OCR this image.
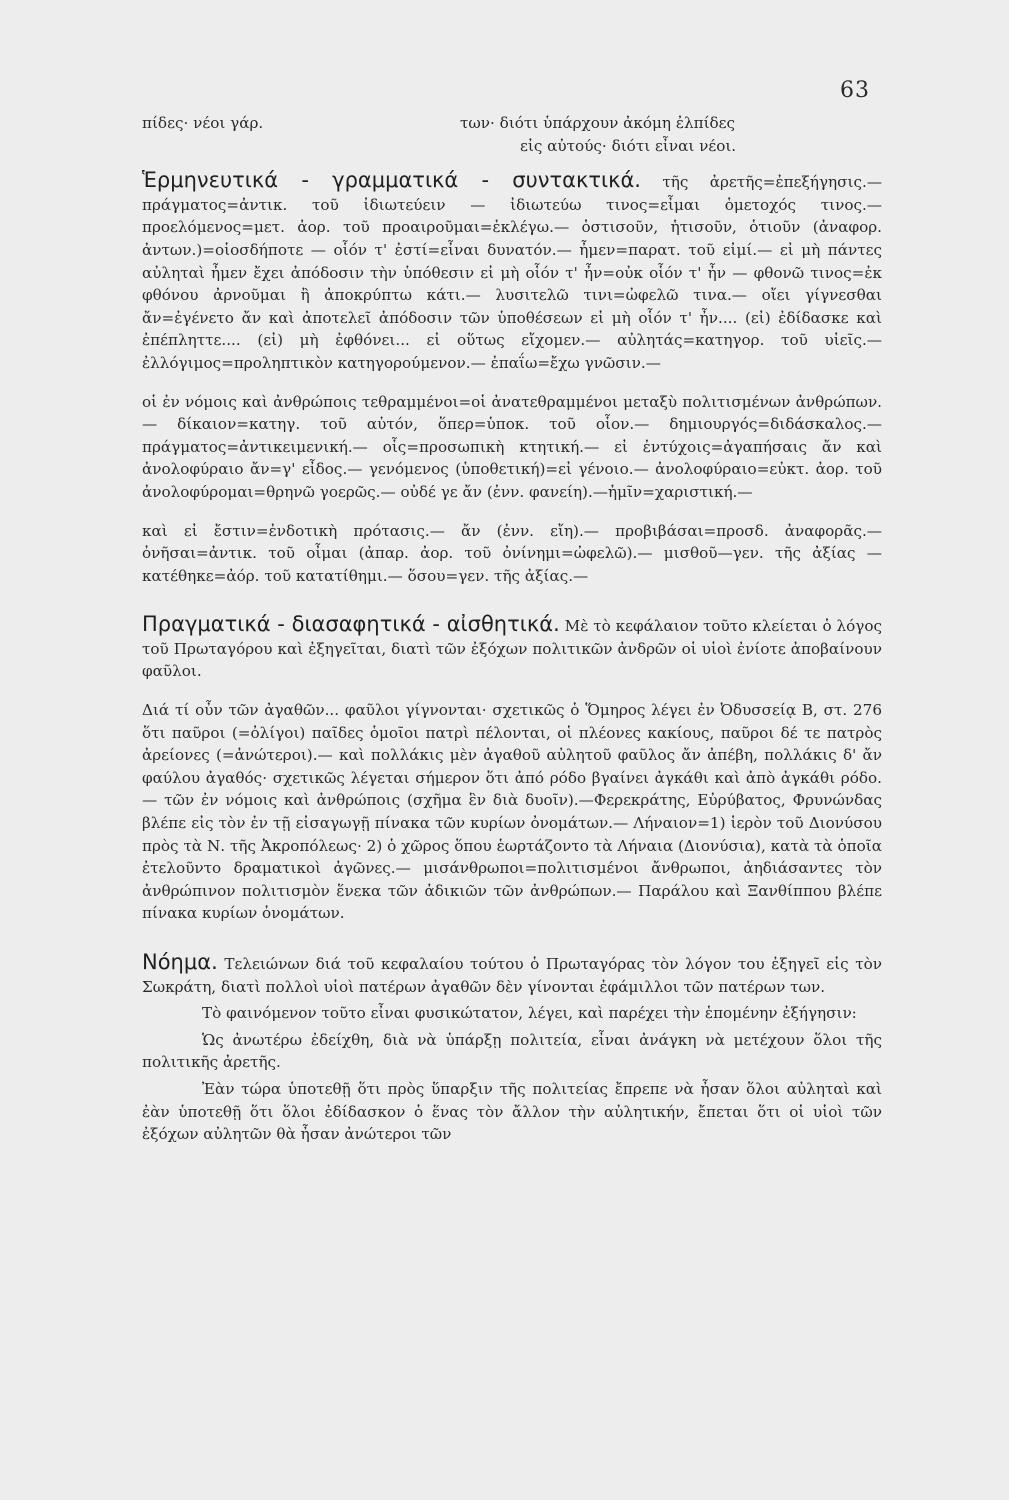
63
πίδες· νέοι γάρ.	των· διότι ὑπάρχουν ἀκόμη ἐλπίδες
εἰς αὐτούς· διότι εἶναι νέοι.

Ἑρμηνευτικά - γραμματικά - συντακτικά. τῆς ἀρετῆς=ἐπεξήγησις.— πράγματος=ἀντικ. τοῦ ἰδιωτεύειν — ἰδιωτεύω τινος=εἶμαι ὁμετοχός τινος.— προελόμενος=μετ. ἀορ. τοῦ προαιροῦμαι=ἐκλέγω.— ὁστισοῦν, ἡτισοῦν, ὁτιοῦν (ἀναφορ. ἀντων.)=οἱοσδήποτε — οἷόν τ' ἐστί=εἶναι δυνατόν.— ἦμεν=παρατ. τοῦ εἰμί.— εἰ μὴ πάντες αὐληταὶ ἦμεν ἔχει ἀπόδοσιν τὴν ὑπόθεσιν εἰ μὴ οἷόν τ' ἦν=οὐκ οἷόν τ' ἦν — φθονῶ τινος=ἐκ φθόνου ἀρνοῦμαι ἢ ἀποκρύπτω κάτι.— λυσιτελῶ τινι=ὠφελῶ τινα.— οἴει γίγνεσθαι ἄν=ἐγένετο ἄν καὶ ἀποτελεῖ ἀπόδοσιν τῶν ὑποθέσεων εἰ μὴ οἷόν τ' ἦν.... (εἰ) ἐδίδασκε καὶ ἐπέπληττε.... (εἰ) μὴ ἐφθόνει... εἰ οὕτως εἴχομεν.— αὐλητάς=κατηγορ. τοῦ υἱεῖς.— ἐλλόγιμος=προληπτικὸν κατηγορούμενον.— ἐπαΐω=ἔχω γνῶσιν.—

οἱ ἐν νόμοις καὶ ἀνθρώποις τεθραμμένοι=οἱ ἀνατεθραμμένοι μεταξὺ πολιτισμένων ἀνθρώπων.— δίκαιον=κατηγ. τοῦ αὐτόν, ὅπερ=ὑποκ. τοῦ οἷον.— δημιουργός=διδάσκαλος.— πράγματος=ἀντικειμενική.— οἷς=προσωπικὴ κτητική.— εἰ ἐντύχοις=ἀγαπήσαις ἄν καὶ ἀνολοφύραιο ἄν=γ' εἶδος.— γενόμενος (ὑποθετική)=εἰ γένοιο.— ἀνολοφύραιο=εὐκτ. ἀορ. τοῦ ἀνολοφύρομαι=θρηνῶ γοερῶς.— οὐδέ γε ἄν (ἐνν. φανείη).—ἡμῖν=χαριστική.—

καὶ εἰ ἔστιν=ἐνδοτικὴ πρότασις.— ἄν (ἐνν. εἴη).— προβιβάσαι=προσδ. ἀναφορᾶς.— ὀνῆσαι=ἀντικ. τοῦ οἶμαι (ἀπαρ. ἀορ. τοῦ ὀνίνημι=ὠφελῶ).— μισθοῦ—γεν. τῆς ἀξίας — κατέθηκε=ἀόρ. τοῦ κατατίθημι.— ὅσου=γεν. τῆς ἀξίας.—

Πραγματικά - διασαφητικά - αἰσθητικά. Μὲ τὸ κεφάλαιον τοῦτο κλείεται ὁ λόγος τοῦ Πρωταγόρου καὶ ἐξηγεῖται, διατὶ τῶν ἐξόχων πολιτικῶν ἀνδρῶν οἱ υἱοὶ ἐνίοτε ἀποβαίνουν φαῦλοι.

Διά τί οὖν τῶν ἀγαθῶν... φαῦλοι γίγνονται· σχετικῶς ὁ Ὅμηρος λέγει ἐν Ὀδυσσείᾳ Β, στ. 276 ὅτι παῦροι (=ὀλίγοι) παῖδες ὁμοῖοι πατρὶ πέλονται, οἱ πλέονες κακίους, παῦροι δέ τε πατρὸς ἀρείονες (=ἀνώτεροι).— καὶ πολλάκις μὲν ἀγαθοῦ αὐλητοῦ φαῦλος ἄν ἀπέβη, πολλάκις δ' ἄν φαύλου ἀγαθός· σχετικῶς λέγεται σήμερον ὅτι ἀπό ρόδο βγαίνει ἀγκάθι καὶ ἀπὸ ἀγκάθι ρόδο.— τῶν ἐν νόμοις καὶ ἀνθρώποις (σχῆμα ἓν διὰ δυοῖν).—Φερεκράτης, Εὐρύβατος, Φρυνώνδας βλέπε εἰς τὸν ἐν τῇ εἰσαγωγῇ πίνακα τῶν κυρίων ὀνομάτων.— Λήναιον=1) ἱερὸν τοῦ Διονύσου πρὸς τὰ Ν. τῆς Ἀκροπόλεως· 2) ὁ χῶρος ὅπου ἑωρτάζοντο τὰ Λήναια (Διονύσια), κατὰ τὰ ὁποῖα ἐτελοῦντο δραματικοὶ ἀγῶνες.— μισάνθρωποι=πολιτισμένοι ἄνθρωποι, ἀηδιάσαντες τὸν ἀνθρώπινον πολιτισμὸν ἕνεκα τῶν ἀδικιῶν τῶν ἀνθρώπων.— Παράλου καὶ Ξανθίππου βλέπε πίνακα κυρίων ὀνομάτων.

Νόημα. Τελειώνων διά τοῦ κεφαλαίου τούτου ὁ Πρωταγόρας τὸν λόγον του ἐξηγεῖ εἰς τὸν Σωκράτη, διατὶ πολλοὶ υἱοὶ πατέρων ἀγαθῶν δὲν γίνονται ἐφάμιλλοι τῶν πατέρων των.

Τὸ φαινόμενον τοῦτο εἶναι φυσικώτατον, λέγει, καὶ παρέχει τὴν ἑπομένην ἐξήγησιν:

Ὡς ἀνωτέρω ἐδείχθη, διὰ νὰ ὑπάρξῃ πολιτεία, εἶναι ἀνάγκη νὰ μετέχουν ὅλοι τῆς πολιτικῆς ἀρετῆς.

Ἐὰν τώρα ὑποτεθῇ ὅτι πρὸς ὕπαρξιν τῆς πολιτείας ἔπρεπε νὰ ἦσαν ὅλοι αὐληταὶ καὶ ἐὰν ὑποτεθῇ ὅτι ὅλοι ἐδίδασκον ὁ ἕνας τὸν ἄλλον τὴν αὐλητικήν, ἔπεται ὅτι οἱ υἱοὶ τῶν ἐξόχων αὐλητῶν θὰ ἦσαν ἀνώτεροι τῶν
